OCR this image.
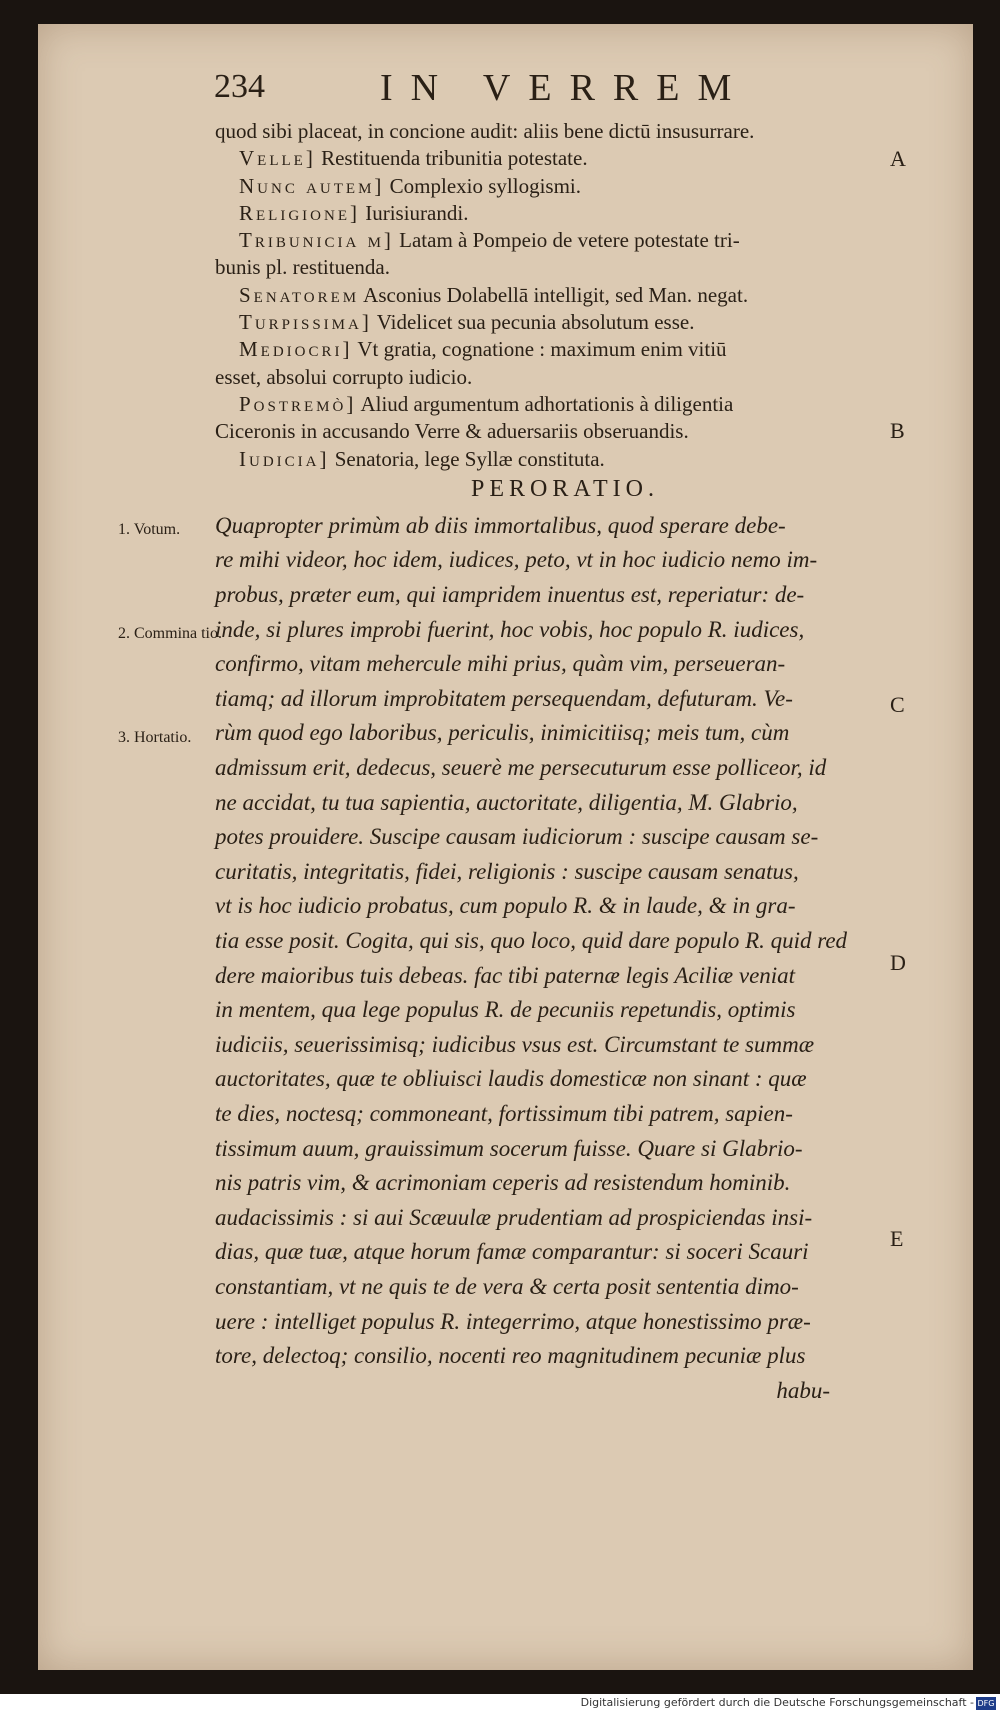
234	IN VERREM
quod sibi placeat, in concione audit: aliis bene dictū insusurrare.
Velle] Restituenda tribunitia potestate.
Nunc autem] Complexio syllogismi.
Religione] Iurisiurandi.
Tribunicia m] Latam à Pompeio de vetere potestate tri-
bunis pl. restituenda.
Senatorem Asconius Dolabellā intelligit, sed Man. negat.
Turpissima] Videlicet sua pecunia absolutum esse.
Mediocri] Vt gratia, cognatione : maximum enim vitiū
esset, absolui corrupto iudicio.
Postremò] Aliud argumentum adhortationis à diligentia
Ciceronis in accusando Verre & aduersariis obseruandis.
Iudicia] Senatoria, lege Syllæ constituta.
PERORATIO.
Quapropter primùm ab diis immortalibus, quod sperare debe-
re mihi videor, hoc idem, iudices, peto, vt in hoc iudicio nemo im-
probus, præter eum, qui iampridem inuentus est, reperiatur: de-
inde, si plures improbi fuerint, hoc vobis, hoc populo R. iudices,
confirmo, vitam mehercule mihi prius, quàm vim, perseueran-
tiamq; ad illorum improbitatem persequendam, defuturam. Ve-
rùm quod ego laboribus, periculis, inimicitiisq; meis tum, cùm
admissum erit, dedecus, seuerè me persecuturum esse polliceor, id
ne accidat, tu tua sapientia, auctoritate, diligentia, M. Glabrio,
potes prouidere. Suscipe causam iudiciorum : suscipe causam se-
curitatis, integritatis, fidei, religionis : suscipe causam senatus,
vt is hoc iudicio probatus, cum populo R. & in laude, & in gra-
tia esse posit. Cogita, qui sis, quo loco, quid dare populo R. quid red
dere maioribus tuis debeas. fac tibi paternæ legis Aciliæ veniat
in mentem, qua lege populus R. de pecuniis repetundis, optimis
iudiciis, seuerissimisq; iudicibus vsus est. Circumstant te summæ
auctoritates, quæ te obliuisci laudis domesticæ non sinant : quæ
te dies, noctesq; commoneant, fortissimum tibi patrem, sapien-
tissimum auum, grauissimum socerum fuisse. Quare si Glabrio-
nis patris vim, & acrimoniam ceperis ad resistendum hominib.
audacissimis : si aui Scæuulæ prudentiam ad prospiciendas insi-
dias, quæ tuæ, atque horum famæ comparantur: si soceri Scauri
constantiam, vt ne quis te de vera & certa posit sententia dimo-
uere : intelliget populus R. integerrimo, atque honestissimo præ-
tore, delectoq; consilio, nocenti reo magnitudinem pecuniæ plus
habu-
A
B
C
D
E
1. Votum.
2. Commina tio.
3. Hortatio.
Digitalisierung gefördert durch die Deutsche Forschungsgemeinschaft - DFG
